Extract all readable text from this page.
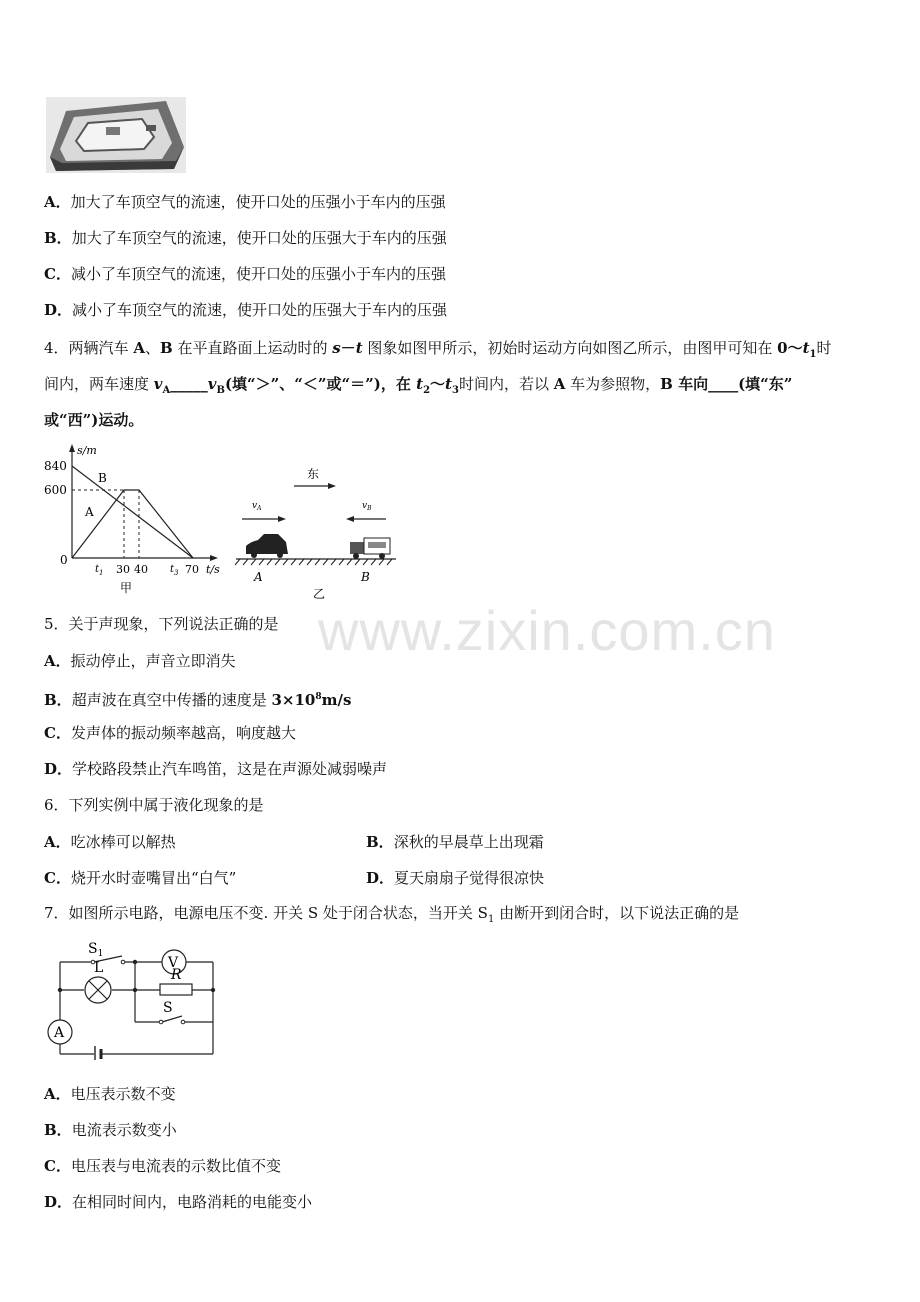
A．加大了车顶空气的流速，使开口处的压强小于车内的压强
B．加大了车顶空气的流速，使开口处的压强大于车内的压强
C．减小了车顶空气的流速，使开口处的压强小于车内的压强
D．减小了车顶空气的流速，使开口处的压强大于车内的压强
4．两辆汽车 A、B 在平直路面上运动时的 s－t 图象如图甲所示，初始时运动方向如图乙所示，由图甲可知在 $0\sim t_1$时
间内，两车速度 $v_A\_\_\_\_\_v_B$(填“＞”、“＜”或“＝”)，在 $t_2\sim t_3$时间内，若以 A 车为参照物，B 车向____(填“东”
或“西”)运动。
s/m
840
600
0
B
A
$t_1$ 30 40 $t_3$ 70 t/s
甲
东
$v_A$	$v_B$
A	B
乙
www.zixin.com.cn
5．关于声现象，下列说法正确的是
A．振动停止，声音立即消失
B．超声波在真空中传播的速度是 $3\times 10^8m/s$
C．发声体的振动频率越高，响度越大
D．学校路段禁止汽车鸣笛，这是在声源处减弱噪声
6．下列实例中属于液化现象的是
A．吃冰棒可以解热	B．深秋的早晨草上出现霜
C．烧开水时壶嘴冒出“白气”	D．夏天扇扇子觉得很凉快
7．如图所示电路，电源电压不变. 开关 S 处于闭合状态，当开关 $S_1$ 由断开到闭合时，以下说法正确的是
V
L	R
A
$S_1$
S
A．电压表示数不变
B．电流表示数变小
C．电压表与电流表的示数比值不变
D．在相同时间内，电路消耗的电能变小
